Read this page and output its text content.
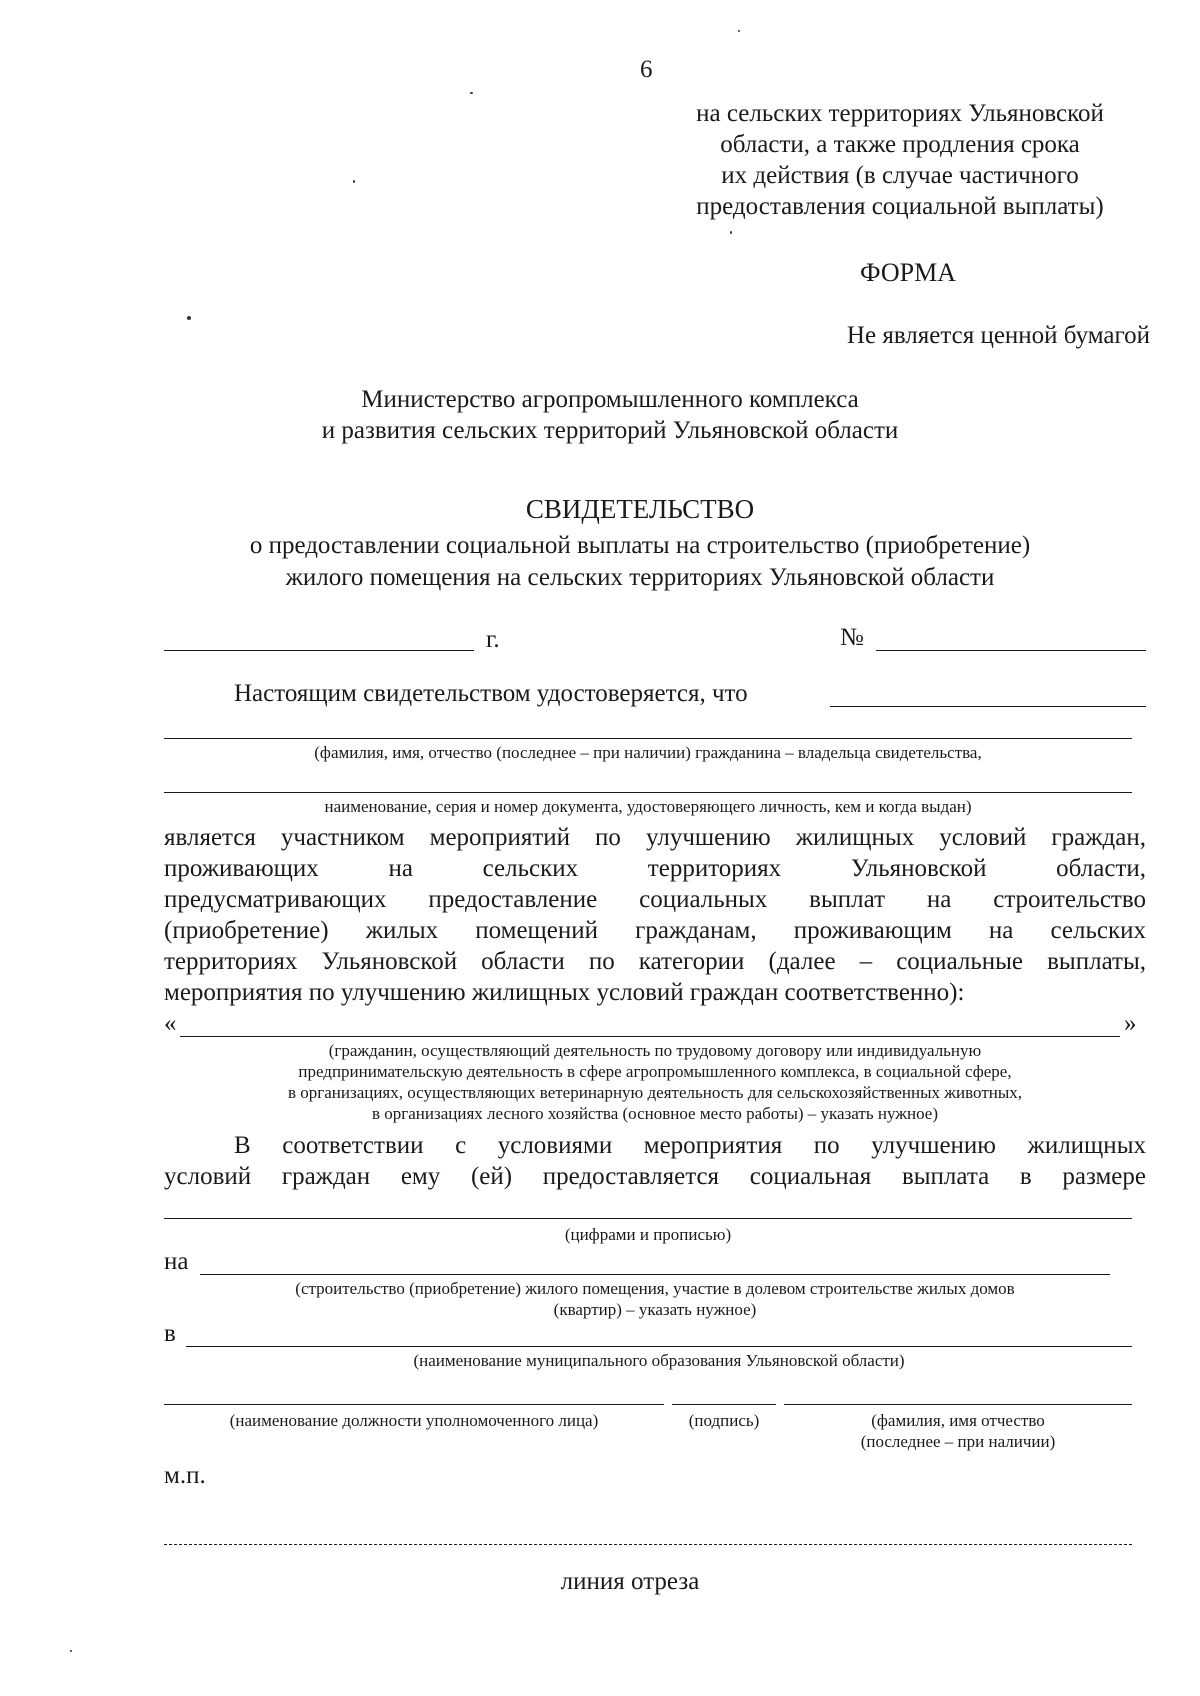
6
на сельских территориях Ульяновской
области, а также продления срока
их действия (в случае частичного
предоставления социальной выплаты)
ФОРМА
Не является ценной бумагой
Министерство агропромышленного комплекса
и развития сельских территорий Ульяновской области
СВИДЕТЕЛЬСТВО
о предоставлении социальной выплаты на строительство (приобретение)
жилого помещения на сельских территориях Ульяновской области
г.	№
Настоящим свидетельством удостоверяется, что
(фамилия, имя, отчество (последнее – при наличии) гражданина – владельца свидетельства,
наименование, серия и номер документа, удостоверяющего личность, кем и когда выдан)
является участником мероприятий по улучшению жилищных условий граждан,
проживающих на сельских территориях Ульяновской области,
предусматривающих предоставление социальных выплат на строительство
(приобретение) жилых помещений гражданам, проживающим на сельских
территориях Ульяновской области по категории (далее – социальные выплаты,
мероприятия по улучшению жилищных условий граждан соответственно):
«	»
(гражданин, осуществляющий деятельность по трудовому договору или индивидуальную
предпринимательскую деятельность в сфере агропромышленного комплекса, в социальной сфере,
в организациях, осуществляющих ветеринарную деятельность для сельскохозяйственных животных,
в организациях лесного хозяйства (основное место работы) – указать нужное)
В соответствии с условиями мероприятия по улучшению жилищных
условий граждан ему (ей) предоставляется социальная выплата в размере
(цифрами и прописью)
на
(строительство (приобретение) жилого помещения, участие в долевом строительстве жилых домов
(квартир) – указать нужное)
в
(наименование муниципального образования Ульяновской области)
(наименование должности уполномоченного лица)	(подпись)	(фамилия, имя отчество
(последнее – при наличии)
м.п.
линия отреза
